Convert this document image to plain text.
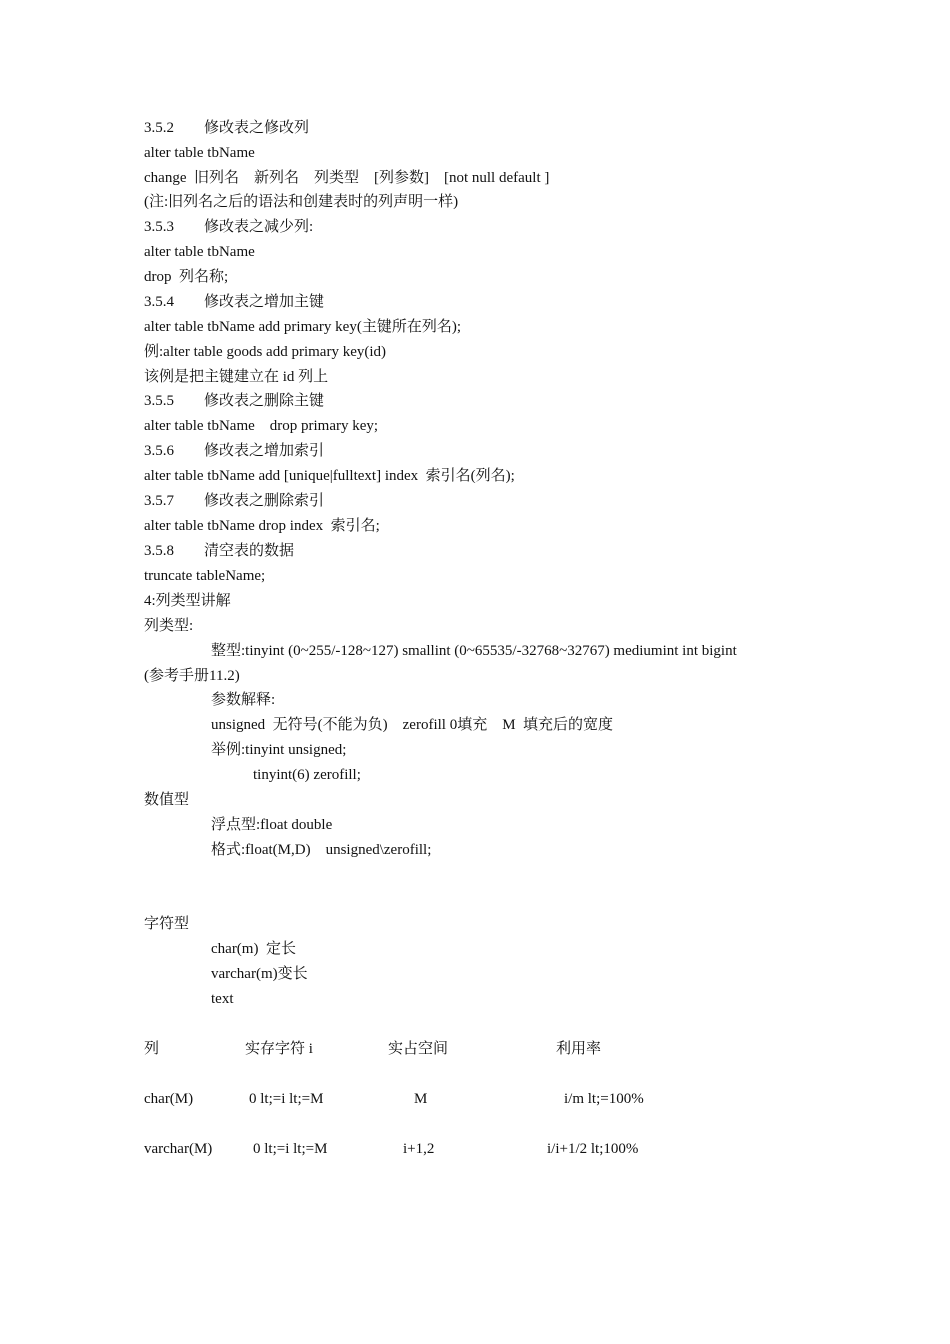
3.5.2 修改表之修改列
alter table tbName
change  旧列名    新列名    列类型    [列参数]    [not null default ]
(注:旧列名之后的语法和创建表时的列声明一样)
3.5.3 修改表之减少列:
alter table tbName
drop  列名称;
3.5.4 修改表之增加主键
alter table tbName add primary key(主键所在列名);
例:alter table goods add primary key(id)
该例是把主键建立在 id 列上
3.5.5 修改表之删除主键
alter table tbName    drop primary key;
3.5.6 修改表之增加索引
alter table tbName add [unique|fulltext] index  索引名(列名);
3.5.7 修改表之删除索引
alter table tbName drop index  索引名;
3.5.8 清空表的数据
truncate tableName;
4:列类型讲解
列类型:
整型:tinyint (0~255/-128~127) smallint (0~65535/-32768~32767) mediumint int bigint
(参考手册11.2)
参数解释:
unsigned  无符号(不能为负)    zerofill 0填充    M  填充后的宽度
举例:tinyint unsigned;
tinyint(6) zerofill;
数值型
浮点型:float double
格式:float(M,D)    unsigned\zerofill;
字符型
char(m)  定长
varchar(m)变长
text
列	实存字符 i	实占空间	利用率
char(M)	0 lt;=i lt;=M	M	i/m lt;=100%
varchar(M)	0 lt;=i lt;=M	i+1,2	i/i+1/2 lt;100%
